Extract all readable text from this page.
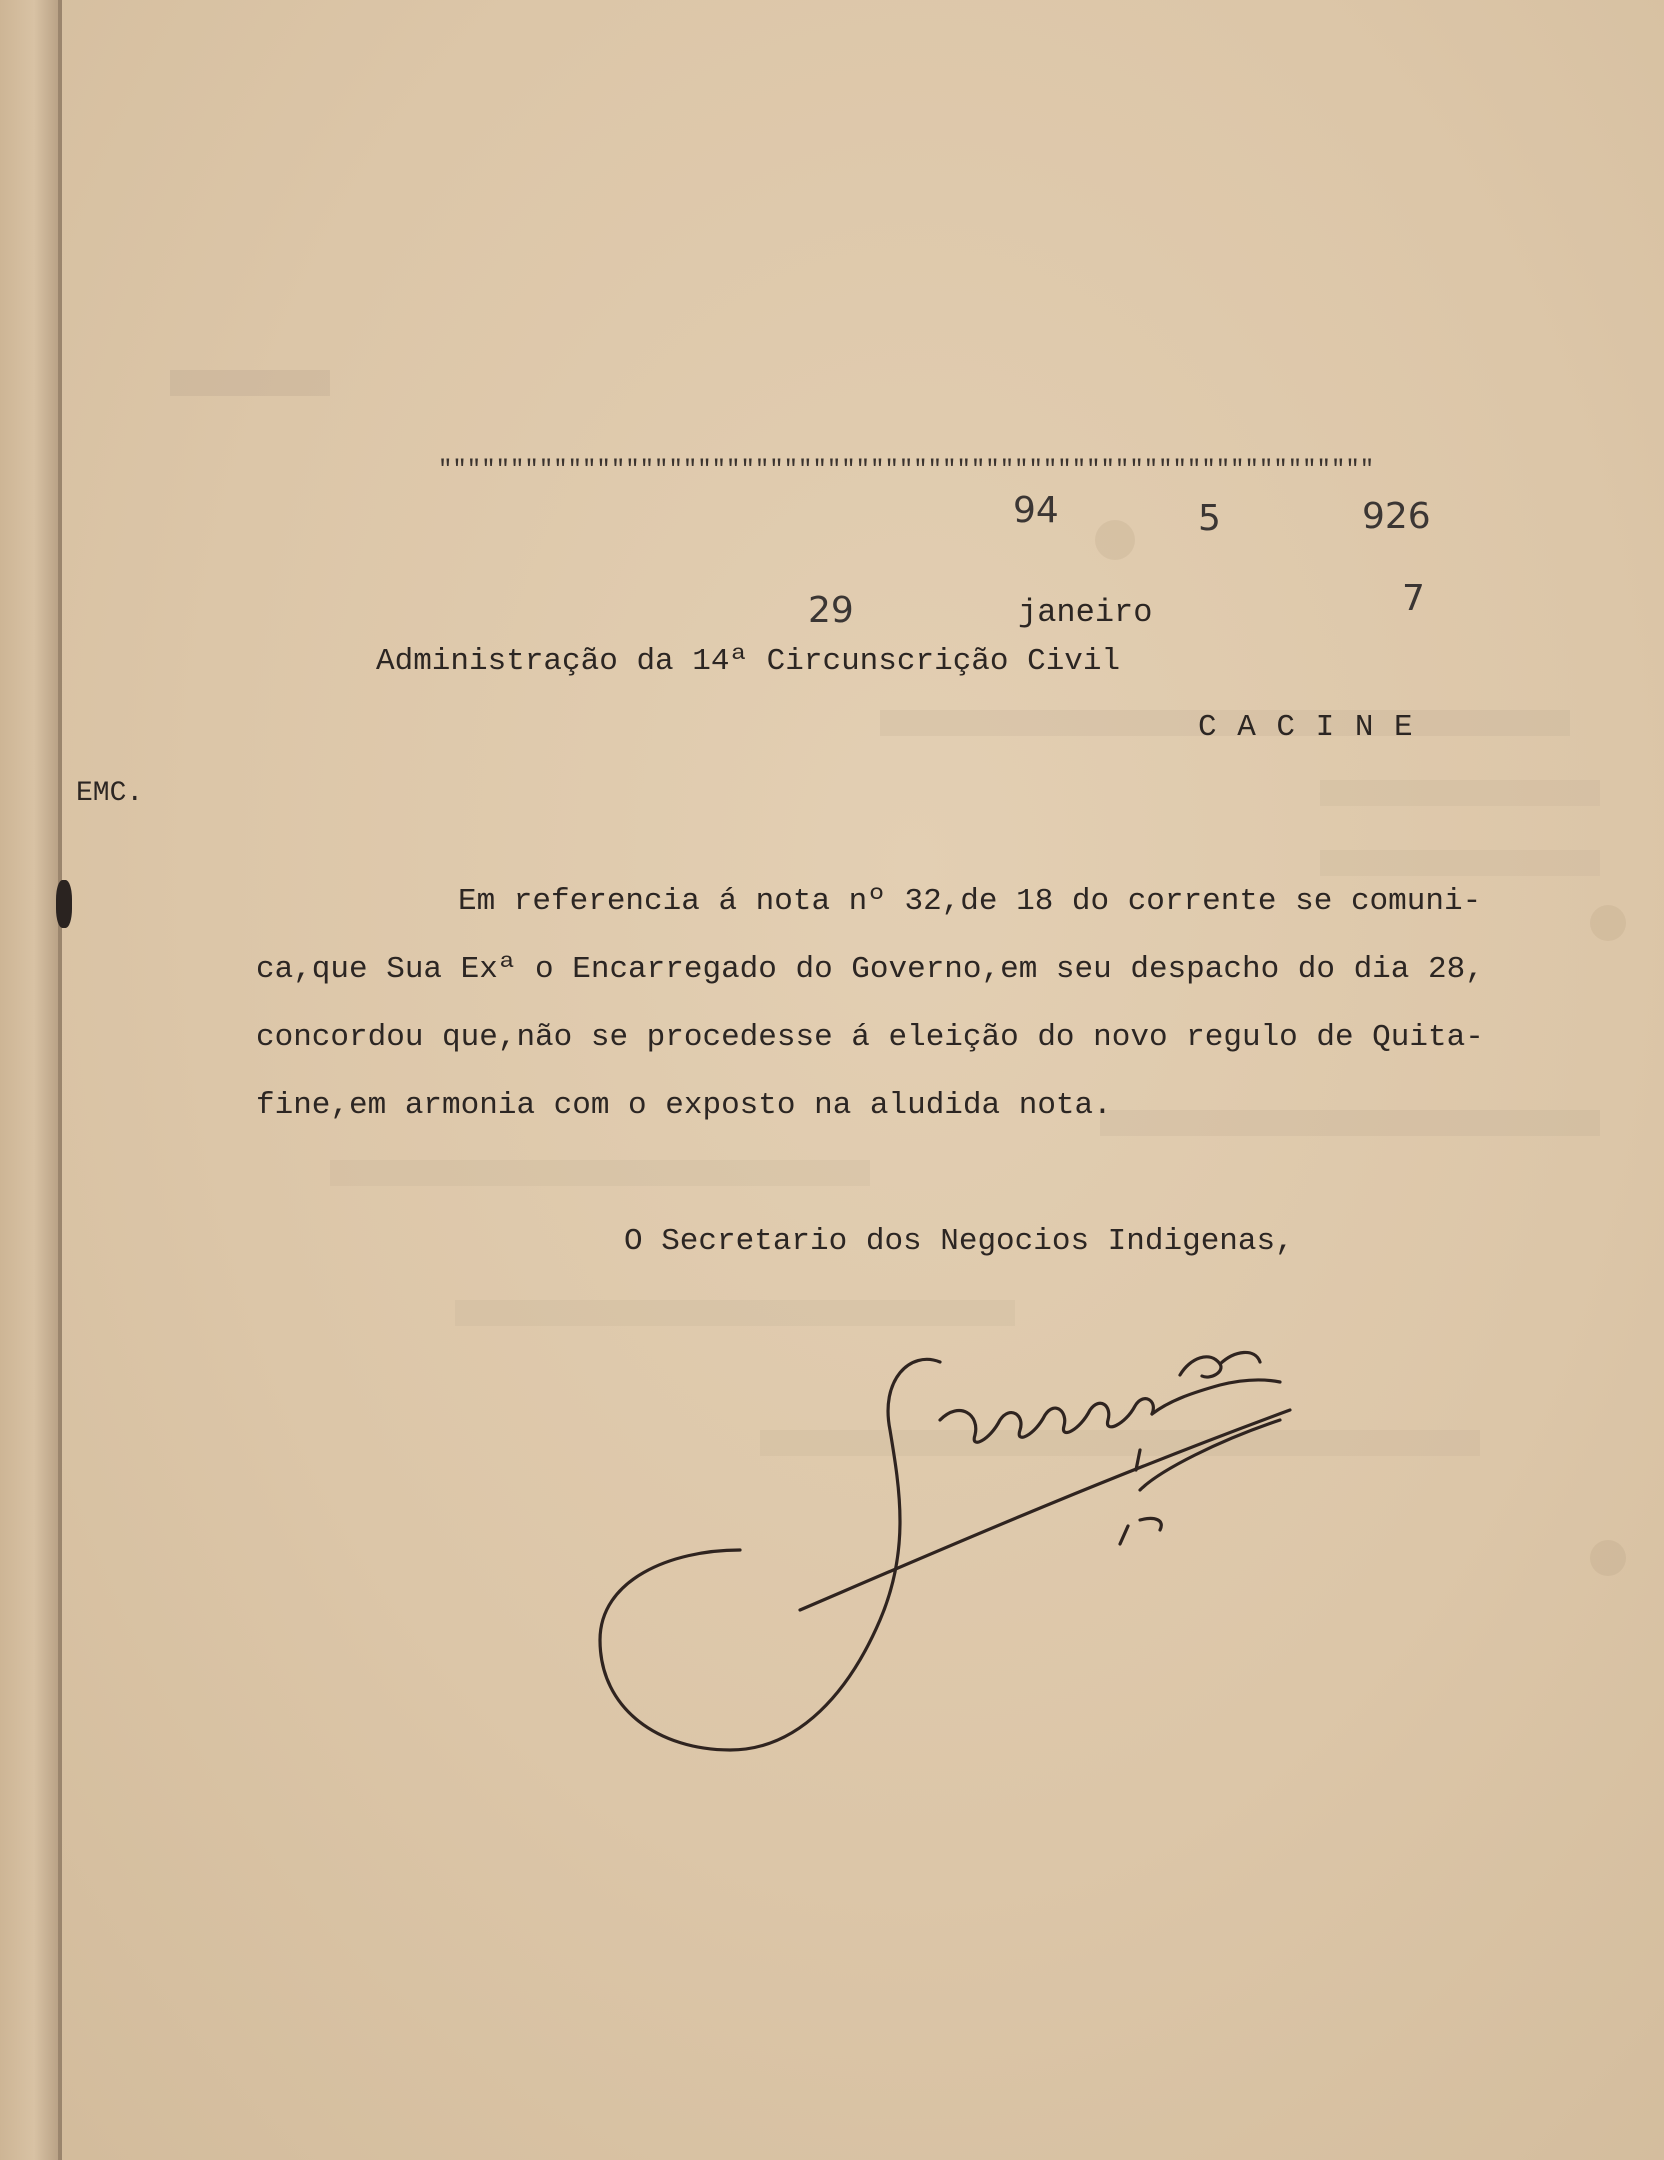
"""""""""""""""""""""""""""""""""""""""""""""""""""""""""""""""""
94	5	926
29	janeiro	7
Administração da 14ª Circunscrição Civil
C A C I N E
EMC.
Em referencia á nota nº 32,de 18 do corrente se comuni-
ca,que Sua Exª o Encarregado do Governo,em seu despacho do dia 28,
concordou que,não se procedesse á eleição do novo regulo de Quita-
fine,em armonia com o exposto na aludida nota.
O Secretario dos Negocios Indigenas,
